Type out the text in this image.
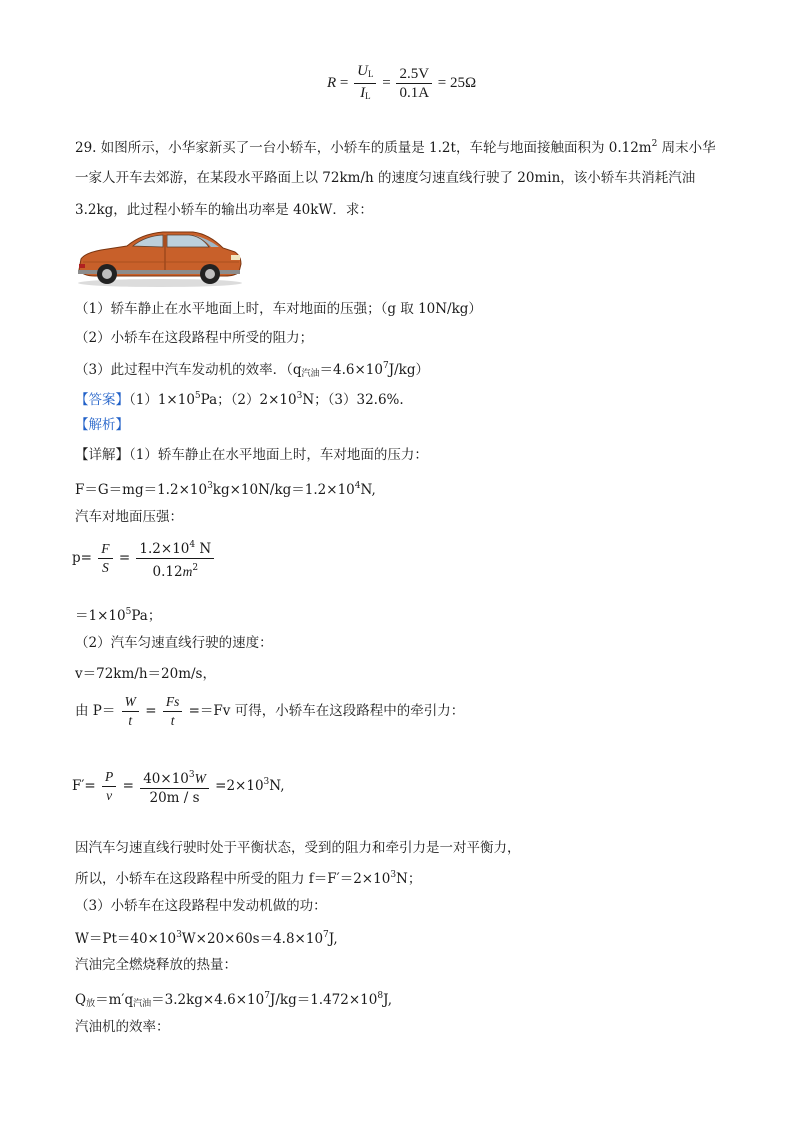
$R = \frac{U_L}{I_L} = \frac{2.5V}{0.1A} = 25\Omega$
29. 如图所示，小华家新买了一台小轿车，小轿车的质量是 1.2t，车轮与地面接触面积为 $0.12m^2$ 周末小华
一家人开车去郊游，在某段水平路面上以 72km/h 的速度匀速直线行驶了 20min，该小轿车共消耗汽油
3.2kg，此过程小轿车的输出功率是 40kW．求：
（1）轿车静止在水平地面上时，车对地面的压强；（g 取 10N/kg）
（2）小轿车在这段路程中所受的阻力；
（3）此过程中汽车发动机的效率．$(q_{汽油}=4.6\times 10^7J/kg)$
【答案】$(1)1\times 10^5Pa$；$(2)2\times 10^3N$；（3）32.6%.
【解析】
【详解】（1）轿车静止在水平地面上时，车对地面的压力：
$F=G=mg=1.2\times 10^3kg\times 10N/kg=1.2\times 10^4N$,
汽车对地面压强：
$p= \frac{F}{S} = \frac{1.2\times 10^4 N}{0.12m^2}$
$=1\times 10^5Pa$；
（2）汽车匀速直线行驶的速度：
v＝72km/h＝20m/s，
由 $P= \frac{W}{t} = \frac{Fs}{t} ==Fv$ 可得，小轿车在这段路程中的牵引力：
$F'= \frac{P}{v} = \frac{40\times 10^3W}{20m / s} =2\times 10^3N$,
因汽车匀速直线行驶时处于平衡状态，受到的阻力和牵引力是一对平衡力，
所以，小轿车在这段路程中所受的阻力 $f=F'=2\times 10^3N$；
（3）小轿车在这段路程中发动机做的功：
$W=Pt=40\times 10^3W\times 20\times 60s=4.8\times 10^7J$,
汽油完全燃烧释放的热量：
$Q_放=m'q_{汽油}=3.2kg\times 4.6\times 10^7J/kg=1.472\times 10^8J$,
汽油机的效率：
